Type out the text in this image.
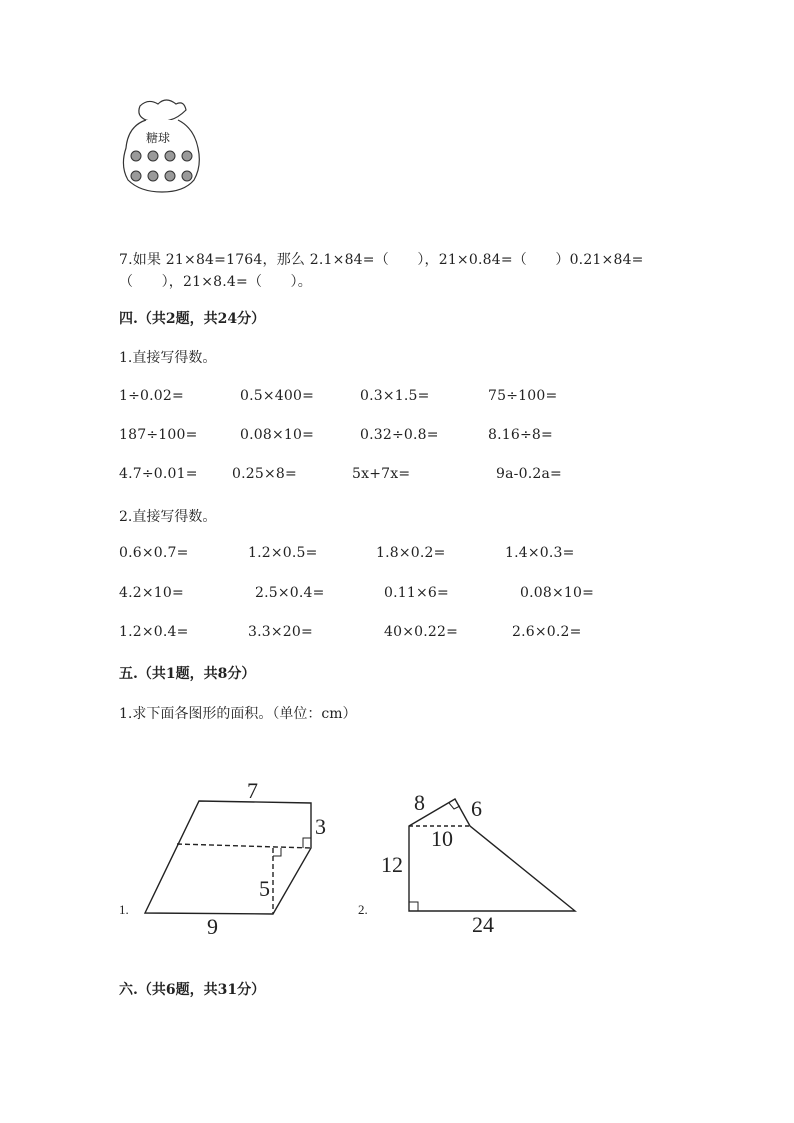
糖球
7.如果 21×84=1764，那么 2.1×84=（　　），21×0.84=（　　）0.21×84=
（　　），21×8.4=（　　）。
四.（共2题，共24分）
1.直接写得数。
1÷0.02=	0.5×400=	0.3×1.5=	75÷100=
187÷100=	0.08×10=	0.32÷0.8=	8.16÷8=
4.7÷0.01= 0.25×8=	5x+7x=	9a-0.2a=
2.直接写得数。
0.6×0.7=	1.2×0.5=	1.8×0.2=	1.4×0.3=
4.2×10=	2.5×0.4=	0.11×6=	0.08×10=
1.2×0.4=	3.3×20=	40×0.22=	2.6×0.2=
五.（共1题，共8分）
1.求下面各图形的面积。（单位：cm）
1.
7
3
5
9
2.
8 6
10
12
24
六.（共6题，共31分）
